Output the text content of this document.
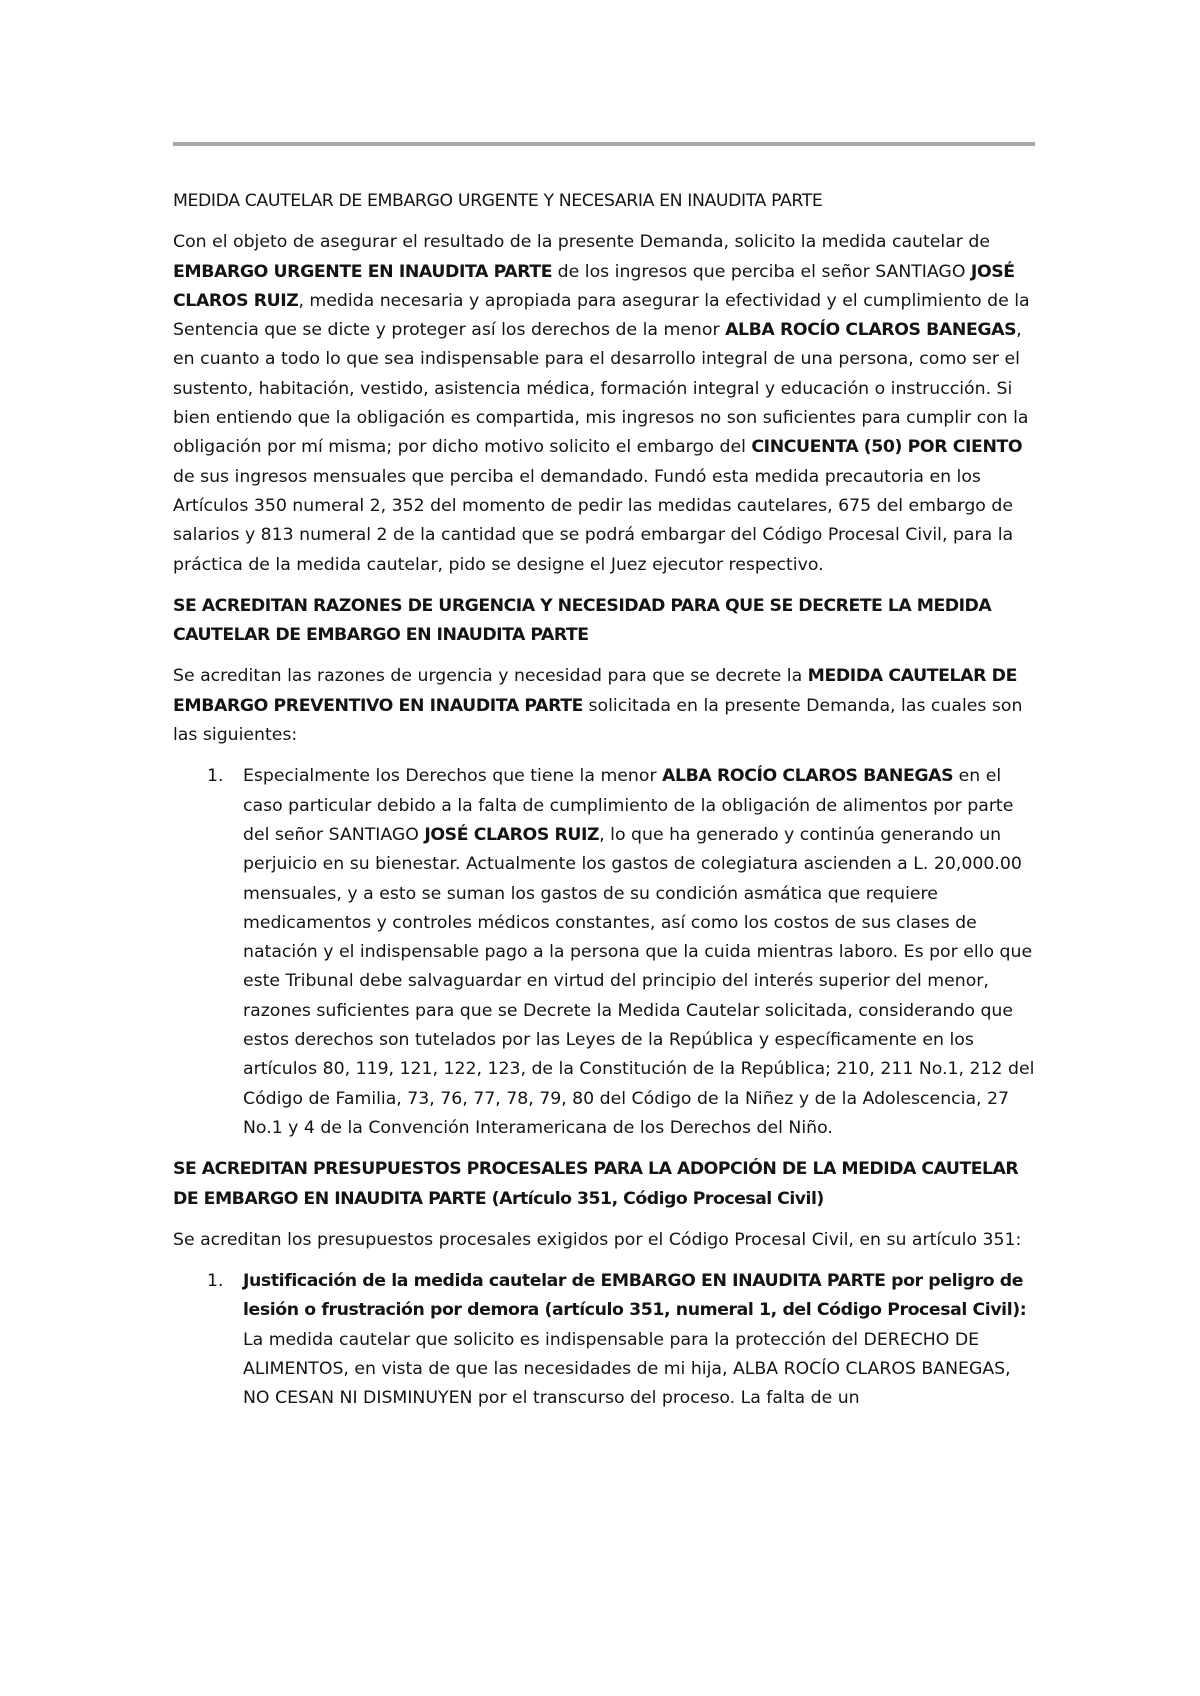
MEDIDA CAUTELAR DE EMBARGO URGENTE Y NECESARIA EN INAUDITA PARTE

Con el objeto de asegurar el resultado de la presente Demanda, solicito la medida cautelar de EMBARGO URGENTE EN INAUDITA PARTE de los ingresos que perciba el señor SANTIAGO JOSÉ CLAROS RUIZ, medida necesaria y apropiada para asegurar la efectividad y el cumplimiento de la Sentencia que se dicte y proteger así los derechos de la menor ALBA ROCÍO CLAROS BANEGAS, en cuanto a todo lo que sea indispensable para el desarrollo integral de una persona, como ser el sustento, habitación, vestido, asistencia médica, formación integral y educación o instrucción. Si bien entiendo que la obligación es compartida, mis ingresos no son suficientes para cumplir con la obligación por mí misma; por dicho motivo solicito el embargo del CINCUENTA (50) POR CIENTO de sus ingresos mensuales que perciba el demandado. Fundó esta medida precautoria en los Artículos 350 numeral 2, 352 del momento de pedir las medidas cautelares, 675 del embargo de salarios y 813 numeral 2 de la cantidad que se podrá embargar del Código Procesal Civil, para la práctica de la medida cautelar, pido se designe el Juez ejecutor respectivo.

SE ACREDITAN RAZONES DE URGENCIA Y NECESIDAD PARA QUE SE DECRETE LA MEDIDA CAUTELAR DE EMBARGO EN INAUDITA PARTE

Se acreditan las razones de urgencia y necesidad para que se decrete la MEDIDA CAUTELAR DE EMBARGO PREVENTIVO EN INAUDITA PARTE solicitada en la presente Demanda, las cuales son las siguientes:

1. Especialmente los Derechos que tiene la menor ALBA ROCÍO CLAROS BANEGAS en el caso particular debido a la falta de cumplimiento de la obligación de alimentos por parte del señor SANTIAGO JOSÉ CLAROS RUIZ, lo que ha generado y continúa generando un perjuicio en su bienestar. Actualmente los gastos de colegiatura ascienden a L. 20,000.00 mensuales, y a esto se suman los gastos de su condición asmática que requiere medicamentos y controles médicos constantes, así como los costos de sus clases de natación y el indispensable pago a la persona que la cuida mientras laboro. Es por ello que este Tribunal debe salvaguardar en virtud del principio del interés superior del menor, razones suficientes para que se Decrete la Medida Cautelar solicitada, considerando que estos derechos son tutelados por las Leyes de la República y específicamente en los artículos 80, 119, 121, 122, 123, de la Constitución de la República; 210, 211 No.1, 212 del Código de Familia, 73, 76, 77, 78, 79, 80 del Código de la Niñez y de la Adolescencia, 27 No.1 y 4 de la Convención Interamericana de los Derechos del Niño.
SE ACREDITAN PRESUPUESTOS PROCESALES PARA LA ADOPCIÓN DE LA MEDIDA CAUTELAR DE EMBARGO EN INAUDITA PARTE (Artículo 351, Código Procesal Civil)

Se acreditan los presupuestos procesales exigidos por el Código Procesal Civil, en su artículo 351:

1. Justificación de la medida cautelar de EMBARGO EN INAUDITA PARTE por peligro de lesión o frustración por demora (artículo 351, numeral 1, del Código Procesal Civil):
La medida cautelar que solicito es indispensable para la protección del DERECHO DE ALIMENTOS, en vista de que las necesidades de mi hija, ALBA ROCÍO CLAROS BANEGAS, NO CESAN NI DISMINUYEN por el transcurso del proceso. La falta de un
